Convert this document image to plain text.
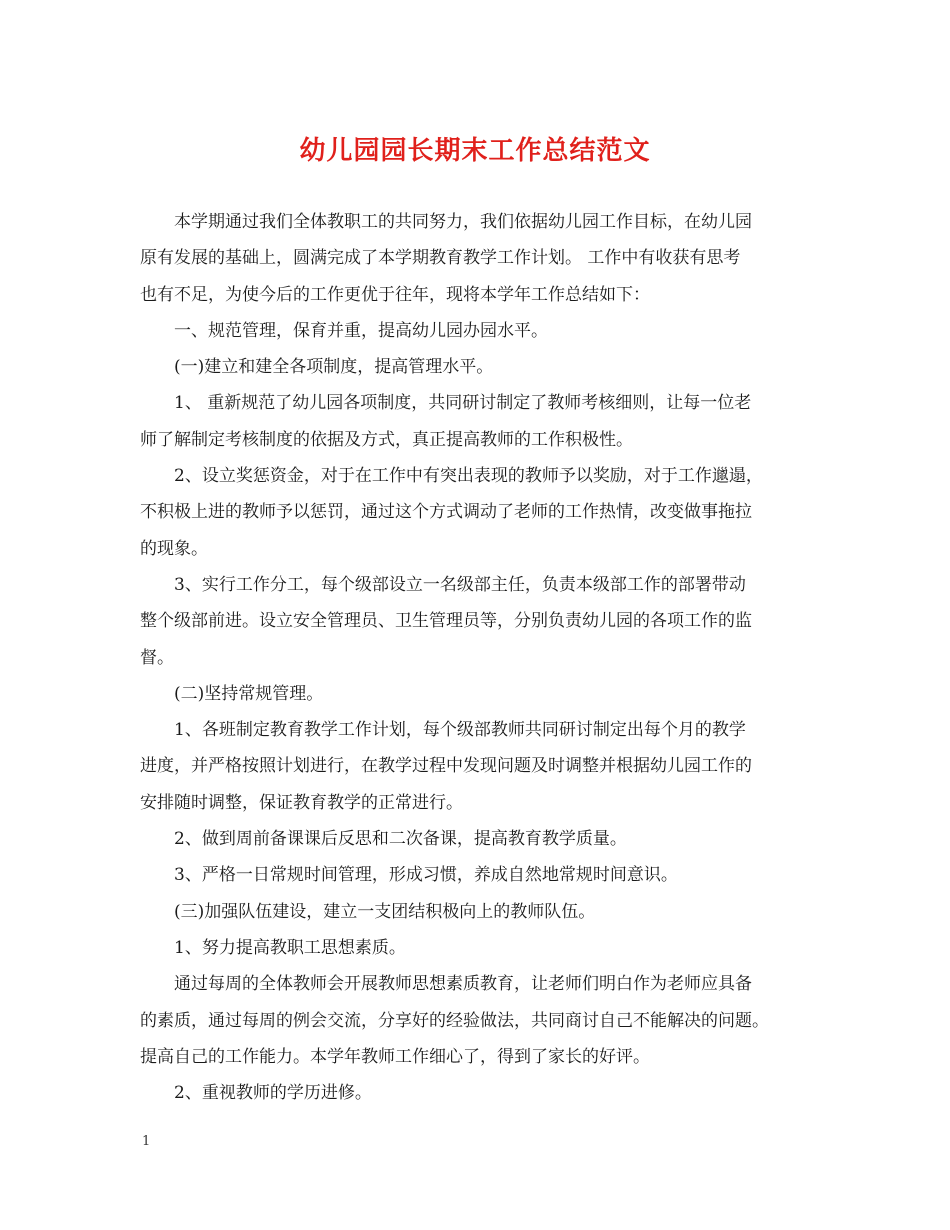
幼儿园园长期末工作总结范文
本学期通过我们全体教职工的共同努力，我们依据幼儿园工作目标，在幼儿园
原有发展的基础上，圆满完成了本学期教育教学工作计划。 工作中有收获有思考
也有不足，为使今后的工作更优于往年，现将本学年工作总结如下：
一、规范管理，保育并重，提高幼儿园办园水平。
(一)建立和建全各项制度，提高管理水平。
1、 重新规范了幼儿园各项制度，共同研讨制定了教师考核细则，让每一位老
师了解制定考核制度的依据及方式，真正提高教师的工作积极性。
2、设立奖惩资金，对于在工作中有突出表现的教师予以奖励，对于工作邋遢，
不积极上进的教师予以惩罚，通过这个方式调动了老师的工作热情，改变做事拖拉
的现象。
3、实行工作分工，每个级部设立一名级部主任，负责本级部工作的部署带动
整个级部前进。设立安全管理员、卫生管理员等，分别负责幼儿园的各项工作的监
督。
(二)坚持常规管理。
1、各班制定教育教学工作计划，每个级部教师共同研讨制定出每个月的教学
进度，并严格按照计划进行，在教学过程中发现问题及时调整并根据幼儿园工作的
安排随时调整，保证教育教学的正常进行。
2、做到周前备课课后反思和二次备课，提高教育教学质量。
3、严格一日常规时间管理，形成习惯，养成自然地常规时间意识。
(三)加强队伍建设，建立一支团结积极向上的教师队伍。
1、努力提高教职工思想素质。
通过每周的全体教师会开展教师思想素质教育，让老师们明白作为老师应具备
的素质，通过每周的例会交流，分享好的经验做法，共同商讨自己不能解决的问题。
提高自己的工作能力。本学年教师工作细心了，得到了家长的好评。
2、重视教师的学历进修。
1
